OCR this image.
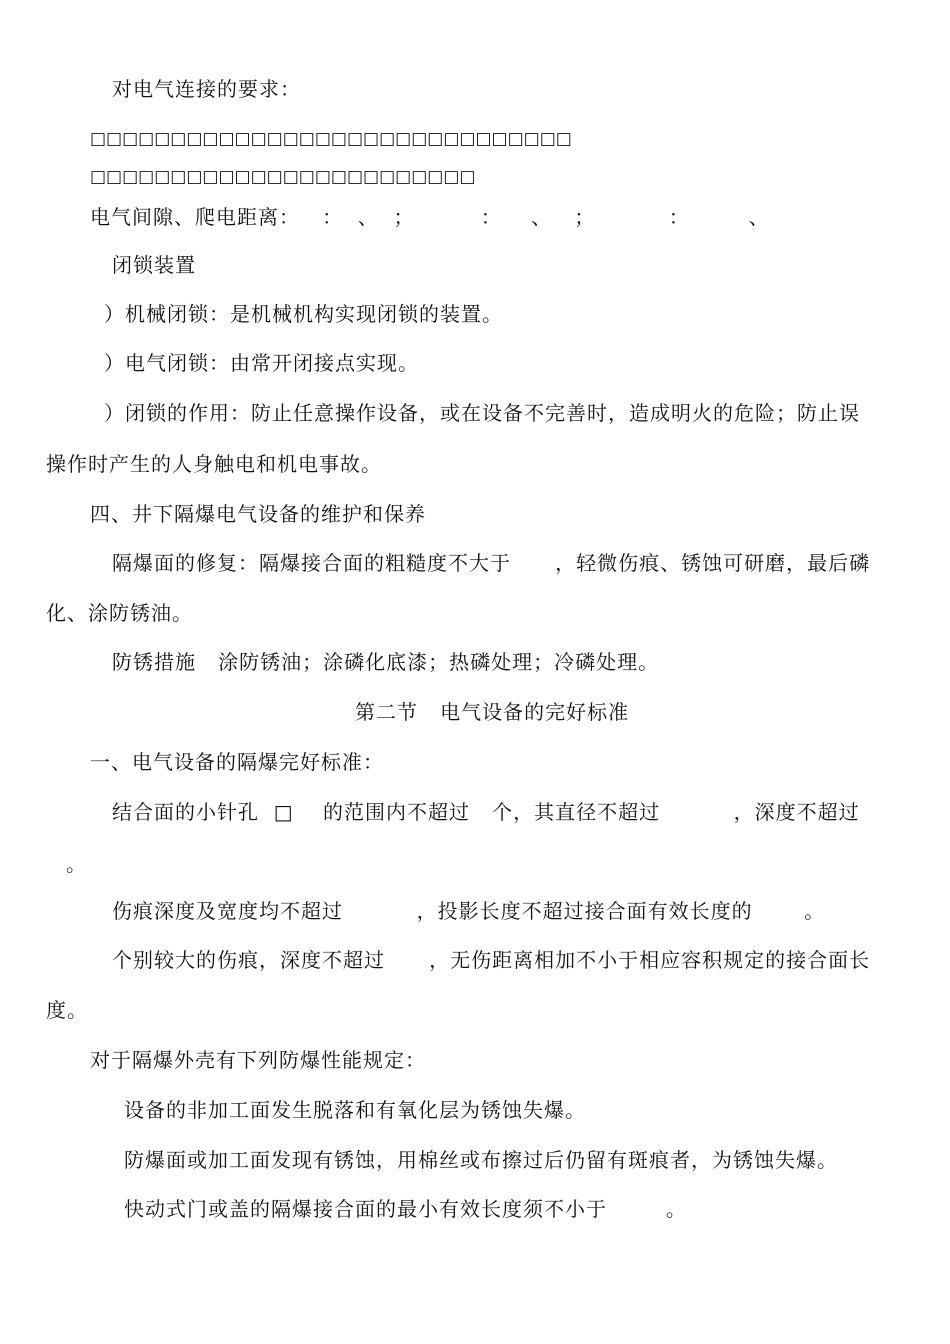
对电气连接的要求：
□□□□□□□□□□□□□□□□□□□□□□□□□□□□□□
□□□□□□□□□□□□□□□□□□□□□□□□
电气间隙、爬电距离：   ：  、  ；         ：    、   ；          ：        、
闭锁装置
）机械闭锁：是机械机构实现闭锁的装置。
）电气闭锁：由常开闭接点实现。
）闭锁的作用：防止任意操作设备，或在设备不完善时，造成明火的危险；防止误
操作时产生的人身触电和机电事故。
四、井下隔爆电气设备的维护和保养
隔爆面的修复：隔爆接合面的粗糙度不大于      ，轻微伤痕、锈蚀可研磨，最后磷
化、涂防锈油。
防锈措施   涂防锈油；涂磷化底漆；热磷处理；冷磷处理。
第二节   电气设备的完好标准
一、电气设备的隔爆完好标准：
结合面的小针孔  □    的范围内不超过   个，其直径不超过          ，深度不超过
。
伤痕深度及宽度均不超过          ，投影长度不超过接合面有效长度的       。
个别较大的伤痕，深度不超过      ，无伤距离相加不小于相应容积规定的接合面长
度。
对于隔爆外壳有下列防爆性能规定：
设备的非加工面发生脱落和有氧化层为锈蚀失爆。
防爆面或加工面发现有锈蚀，用棉丝或布擦过后仍留有斑痕者，为锈蚀失爆。
快动式门或盖的隔爆接合面的最小有效长度须不小于        。
